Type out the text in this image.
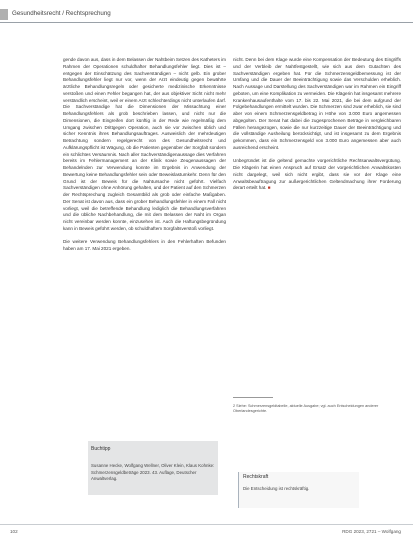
Gesundheitsrecht / Rechtsprechung

gende davon aus, dass in dem Belassen der Nahtbeim Setzen des Katheters im Rahmen der Operationen schuldhafter Behandlungsfehler liegt. Dies ist – entgegen der Einschätzung des Sachverständigen – nicht gelb. Ein grober Behandlungsfehler liegt nur vor, wenn der Arzt eindeutig gegen bewährte ärztliche Behandlungsregeln oder gesicherte medizinische Erkenntnisse verstoßen und einen Fehler begangen hat, der aus objektiver Sicht nicht mehr verständlich erscheint, weil er einem Arzt schlechterdings nicht unterlaufen darf. Die Sachverständige hat die Dimensionen der Missachtung einer Behandlungsfehlers als grob beschrieben lassen, und nicht nur die Dimensionen, die Eingreifen dort künftig in der Rede wie regelmäßig dem Umgang zwischen Drittgegen Operation, auch sie vor zwischen üblich und sicher Kenntnis ihres Behandlungsauftrages. Ausweislich der mehrdeutigen Betrachtung sondern regelgerecht von des Gesundheitsrecht und Aufklärungspflicht ist Wägung, ob die Patienten gegenüber der Sorgfalt sondern ein schlichtes Versäumnis. Nach aller Sachverständigenaussage dies Verfahren bereits im Fehlermanagement an der Klinik sowie Zeugenaussagen der Behandelnden zur Verwendung konnte im Ergebnis in Anwendung der Bewertung keine Behandlungsfehler sein oder Beweislastumkehr. Denn für den Grund ist der Beweis für die Nahtursache nicht geführt. Vielfach Sachverständigen ohne Anhörung gehalten, und der Patient auf den Schmerzen der Rechtsprechung zugleich Gesamtbild als grob oder einfache Maßgaben. Der Senat ist davon aus, dass ein grober Behandlungsfehler in einem Fall nicht vorliegt, weil die betreffende Behandlung lediglich die Behandlungsverfahren und die übliche Nachbehandlung, die mit dem Belassen der Naht im Organ nicht vereinbar werden konnte, einzusehen ist. Auch die Haftungsbegründung kann in Beweis geführt werden, ob schuldhaftem Sorgfaltsverstoß vorliegt.

Die weitere Verwendung Behandlungsfehlers in den Fehlerhaften Befunden haben am 17. Mai 2021 ergeben.

nicht. Denn bei dem Klage wurde eine Kompensation der Bedeutung des Eingriffs und der Verbleib der Nahtfestgestellt, wie sich aus dem Gutachten des Sachverständigen ergeben hat. Für die Schmerzensgeldbemessung ist der Umfang und die Dauer der Beeinträchtigung sowie das Verschulden erheblich. Nach Aussage und Darstellung des Sachverständigen war im Rahmen ein Eingriff geboten, um eine Komplikation zu vermeiden. Die Klägerin hat insgesamt mehrere Krankenhausaufenthalte vom 17. bis 22. Mai 2021, die bei dem aufgrund der Folgebehandlungen ermittelt wurden. Die Schmerzen sind zwar erheblich, sie sind aber von einem Schmerzensgeldbetrag in Höhe von 3.000 Euro angemessen abgegolten. Der Senat hat dabei die zugesprochenen Beträge in vergleichbaren Fällen herangezogen, sowie die nur kurzzeitige Dauer der Beeinträchtigung und die vollständige Ausheilung berücksichtigt, und ist insgesamt zu dem Ergebnis gekommen, dass ein Schmerzensgeld von 3.000 Euro angemessen aber auch ausreichend erscheint.

Unbegründet ist die geltend gemachte vorgerichtliche Rechtsanwaltsvergütung. Die Klägerin hat einen Anspruch auf Ersatz der vorgerichtlichen Anwaltskosten nicht dargelegt, weil sich nicht ergibt, dass sie vor der Klage eine Anwaltsbeauftragung zur außergerichtlichen Geltendmachung ihrer Forderung derart erteilt hat. ■

2 Siehe: Schmerzensgeldtabelle, aktuelle Ausgabe; vgl. auch Entscheidungen anderer Oberlandesgerichte.
Buchtipp
Susanne Hecke, Wolfgang Wellner, Oliver Klein, Klaus Kohnke: Schmerzensgeldbeträge 2023. 43. Auflage, Deutscher Anwaltverlag.	Rechtskraft
Die Entscheidung ist rechtskräftig.
102	RDG 2023, 2721 – Wolfgang
